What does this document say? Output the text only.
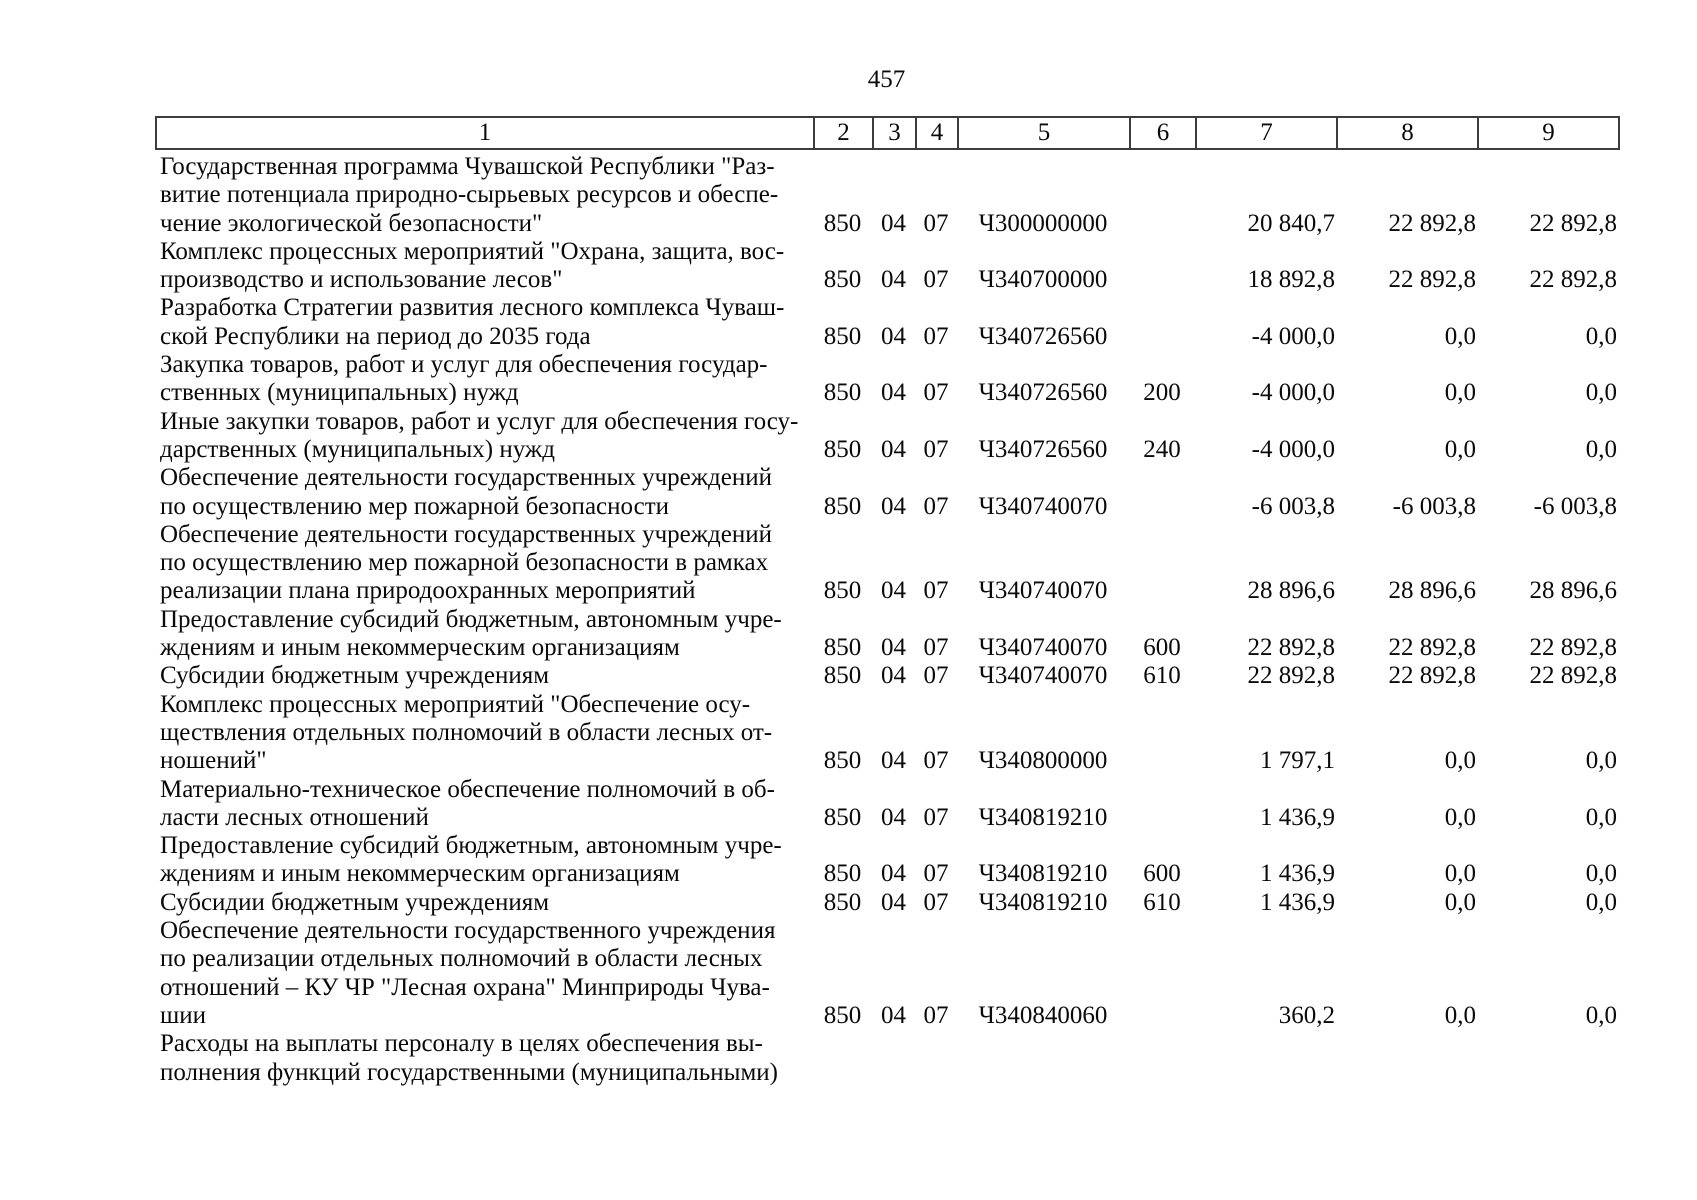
457
1	2	3	4	5	6	7	8	9
Государственная программа Чувашской Республики "Раз-
витие потенциала природно-сырьевых ресурсов и обеспе-
чение экологической безопасности"	850	04	07	Ч300000000		20 840,7	22 892,8	22 892,8

Комплекс процессных мероприятий "Охрана, защита, вос-
производство и использование лесов"	850	04	07	Ч340700000		18 892,8	22 892,8	22 892,8

Разработка Стратегии развития лесного комплекса Чуваш-
ской Республики на период до 2035 года	850	04	07	Ч340726560		-4 000,0	0,0	0,0

Закупка товаров, работ и услуг для обеспечения государ-
ственных (муниципальных) нужд	850	04	07	Ч340726560	200	-4 000,0	0,0	0,0

Иные закупки товаров, работ и услуг для обеспечения госу-
дарственных (муниципальных) нужд	850	04	07	Ч340726560	240	-4 000,0	0,0	0,0

Обеспечение деятельности государственных учреждений
по осуществлению мер пожарной безопасности	850	04	07	Ч340740070		-6 003,8	-6 003,8	-6 003,8

Обеспечение деятельности государственных учреждений
по осуществлению мер пожарной безопасности в рамках
реализации плана природоохранных мероприятий	850	04	07	Ч340740070		28 896,6	28 896,6	28 896,6

Предоставление субсидий бюджетным, автономным учре-
ждениям и иным некоммерческим организациям	850	04	07	Ч340740070	600	22 892,8	22 892,8	22 892,8

Субсидии бюджетным учреждениям	850	04	07	Ч340740070	610	22 892,8	22 892,8	22 892,8

Комплекс процессных мероприятий "Обеспечение осу-
ществления отдельных полномочий в области лесных от-
ношений"	850	04	07	Ч340800000		1 797,1	0,0	0,0

Материально-техническое обеспечение полномочий в об-
ласти лесных отношений	850	04	07	Ч340819210		1 436,9	0,0	0,0

Предоставление субсидий бюджетным, автономным учре-
ждениям и иным некоммерческим организациям	850	04	07	Ч340819210	600	1 436,9	0,0	0,0

Субсидии бюджетным учреждениям	850	04	07	Ч340819210	610	1 436,9	0,0	0,0

Обеспечение деятельности государственного учреждения
по реализации отдельных полномочий в области лесных
отношений – КУ ЧР "Лесная охрана" Минприроды Чува-
шии	850	04	07	Ч340840060		360,2	0,0	0,0

Расходы на выплаты персоналу в целях обеспечения вы-
полнения функций государственными (муниципальными)								
